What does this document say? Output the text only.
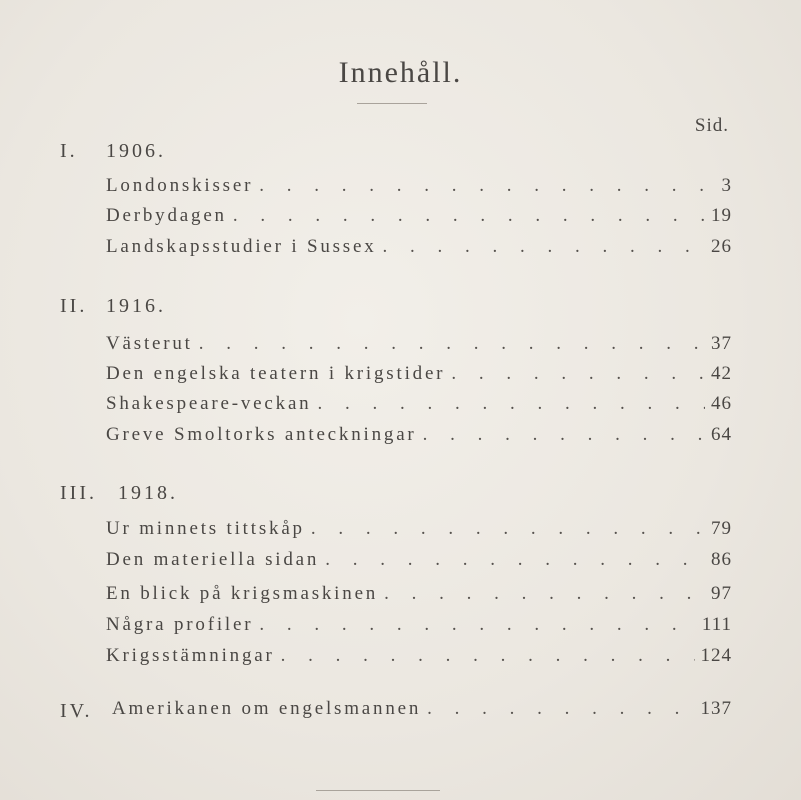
Innehåll.
Sid.
I.	1906.
Londonskisser . . .	3
Derbydagen . . .	19
Landskapsstudier i Sussex . . .	26
II. 1916.
Västerut . . .	37
Den engelska teatern i krigstider . . .	42
Shakespeare-veckan . . .	46
Greve Smoltorks anteckningar . . .	64
III.	1918.
Ur minnets tittskåp . . .	79
Den materiella sidan . . .	86
En blick på krigsmaskinen . . .	97
Några profiler . . .	111
Krigsstämningar . . .	124
IV.	Amerikanen om engelsmannen . . .	137
